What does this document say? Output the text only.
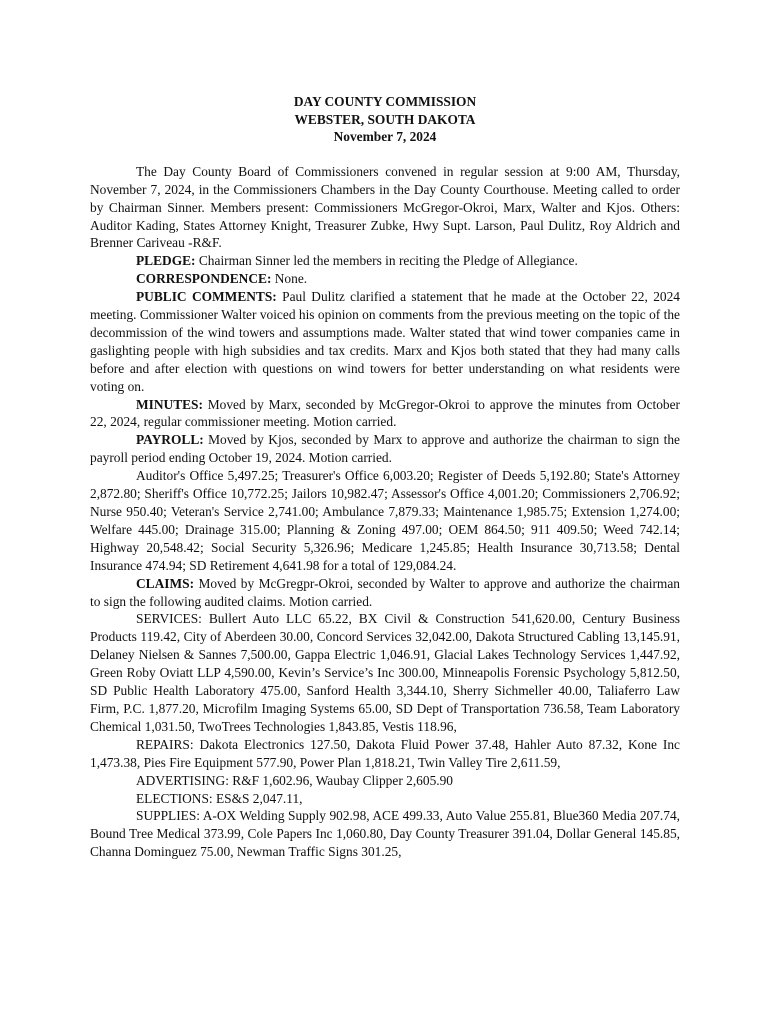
DAY COUNTY COMMISSION
WEBSTER, SOUTH DAKOTA
November 7, 2024

The Day County Board of Commissioners convened in regular session at 9:00 AM, Thursday, November 7, 2024, in the Commissioners Chambers in the Day County Courthouse. Meeting called to order by Chairman Sinner. Members present: Commissioners McGregor-Okroi, Marx, Walter and Kjos. Others: Auditor Kading, States Attorney Knight, Treasurer Zubke, Hwy Supt. Larson, Paul Dulitz, Roy Aldrich and Brenner Cariveau -R&F.

PLEDGE: Chairman Sinner led the members in reciting the Pledge of Allegiance.

CORRESPONDENCE: None.

PUBLIC COMMENTS: Paul Dulitz clarified a statement that he made at the October 22, 2024 meeting. Commissioner Walter voiced his opinion on comments from the previous meeting on the topic of the decommission of the wind towers and assumptions made. Walter stated that wind tower companies came in gaslighting people with high subsidies and tax credits. Marx and Kjos both stated that they had many calls before and after election with questions on wind towers for better understanding on what residents were voting on.

MINUTES: Moved by Marx, seconded by McGregor-Okroi to approve the minutes from October 22, 2024, regular commissioner meeting. Motion carried.

PAYROLL: Moved by Kjos, seconded by Marx to approve and authorize the chairman to sign the payroll period ending October 19, 2024. Motion carried.

Auditor's Office 5,497.25; Treasurer's Office 6,003.20; Register of Deeds 5,192.80; State's Attorney 2,872.80; Sheriff's Office 10,772.25; Jailors 10,982.47; Assessor's Office 4,001.20; Commissioners 2,706.92; Nurse 950.40; Veteran's Service 2,741.00; Ambulance 7,879.33; Maintenance 1,985.75; Extension 1,274.00; Welfare 445.00; Drainage 315.00; Planning & Zoning 497.00; OEM 864.50; 911 409.50; Weed 742.14; Highway 20,548.42; Social Security 5,326.96; Medicare 1,245.85; Health Insurance 30,713.58; Dental Insurance 474.94; SD Retirement 4,641.98 for a total of 129,084.24.

CLAIMS: Moved by McGregpr-Okroi, seconded by Walter to approve and authorize the chairman to sign the following audited claims. Motion carried.

SERVICES: Bullert Auto LLC 65.22, BX Civil & Construction 541,620.00, Century Business Products 119.42, City of Aberdeen 30.00, Concord Services 32,042.00, Dakota Structured Cabling 13,145.91, Delaney Nielsen & Sannes 7,500.00, Gappa Electric 1,046.91, Glacial Lakes Technology Services 1,447.92, Green Roby Oviatt LLP 4,590.00, Kevin’s Service’s Inc 300.00, Minneapolis Forensic Psychology 5,812.50, SD Public Health Laboratory 475.00, Sanford Health 3,344.10, Sherry Sichmeller 40.00, Taliaferro Law Firm, P.C. 1,877.20, Microfilm Imaging Systems 65.00, SD Dept of Transportation 736.58, Team Laboratory Chemical 1,031.50, TwoTrees Technologies 1,843.85, Vestis 118.96,

REPAIRS: Dakota Electronics 127.50, Dakota Fluid Power 37.48, Hahler Auto 87.32, Kone Inc 1,473.38, Pies Fire Equipment 577.90, Power Plan 1,818.21, Twin Valley Tire 2,611.59,

ADVERTISING: R&F 1,602.96, Waubay Clipper 2,605.90

ELECTIONS: ES&S 2,047.11,

SUPPLIES: A-OX Welding Supply 902.98, ACE 499.33, Auto Value 255.81, Blue360 Media 207.74, Bound Tree Medical 373.99, Cole Papers Inc 1,060.80, Day County Treasurer 391.04, Dollar General 145.85, Channa Dominguez 75.00, Newman Traffic Signs 301.25,
